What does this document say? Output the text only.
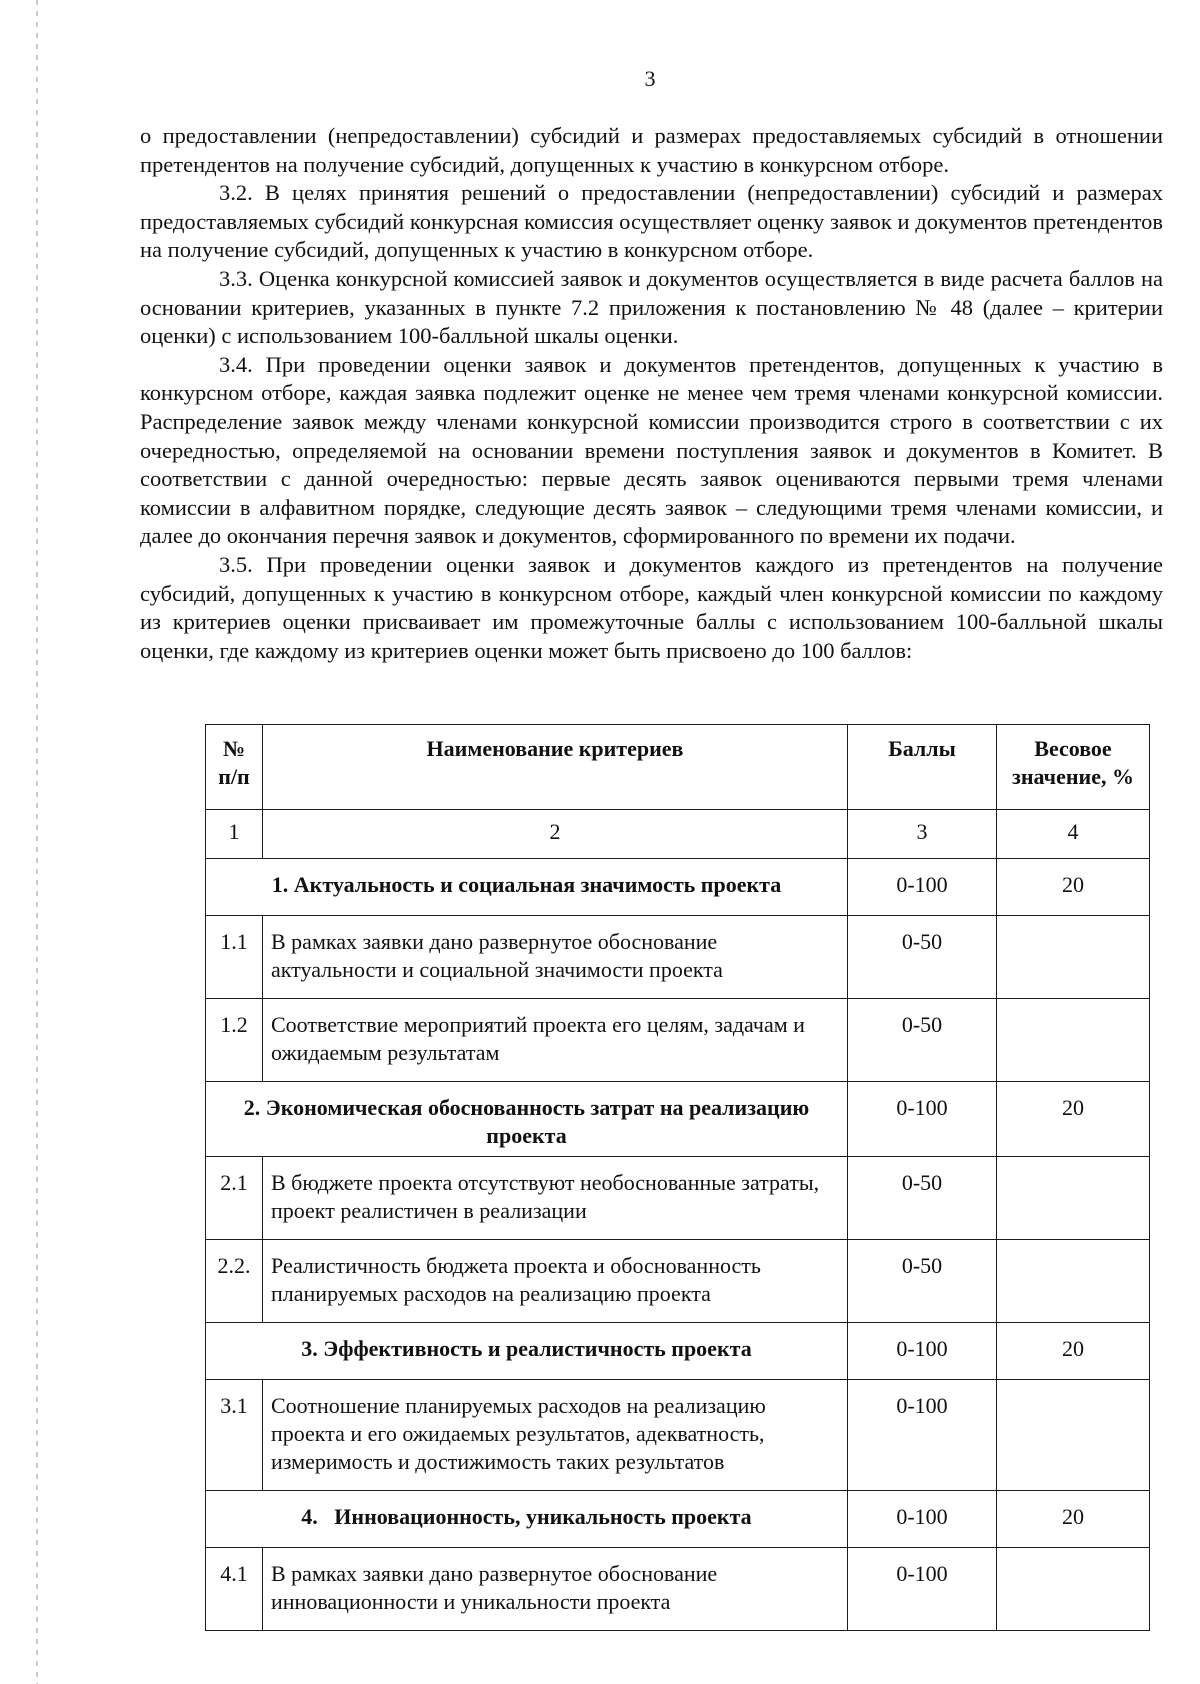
3

о предоставлении (непредоставлении) субсидий и размерах предоставляемых субсидий в отношении претендентов на получение субсидий, допущенных к участию в конкурсном отборе.

3.2. В целях принятия решений о предоставлении (непредоставлении) субсидий и размерах предоставляемых субсидий конкурсная комиссия осуществляет оценку заявок и документов претендентов на получение субсидий, допущенных к участию в конкурсном отборе.

3.3. Оценка конкурсной комиссией заявок и документов осуществляется в виде расчета баллов на основании критериев, указанных в пункте 7.2 приложения к постановлению № 48 (далее – критерии оценки) с использованием 100-балльной шкалы оценки.

3.4. При проведении оценки заявок и документов претендентов, допущенных к участию в конкурсном отборе, каждая заявка подлежит оценке не менее чем тремя членами конкурсной комиссии. Распределение заявок между членами конкурсной комиссии производится строго в соответствии с их очередностью, определяемой на основании времени поступления заявок и документов в Комитет. В соответствии с данной очередностью: первые десять заявок оцениваются первыми тремя членами комиссии в алфавитном порядке, следующие десять заявок – следующими тремя членами комиссии, и далее до окончания перечня заявок и документов, сформированного по времени их подачи.

3.5. При проведении оценки заявок и документов каждого из претендентов на получение субсидий, допущенных к участию в конкурсном отборе, каждый член конкурсной комиссии по каждому из критериев оценки присваивает им промежуточные баллы с использованием 100-балльной шкалы оценки, где каждому из критериев оценки может быть присвоено до 100 баллов:

№ п/п	Наименование критериев	Баллы	Весовое значение, %
1	2	3	4
1. Актуальность и социальная значимость проекта		0-100	20
1.1	В рамках заявки дано развернутое обоснование актуальности и социальной значимости проекта	0-50	
1.2	Соответствие мероприятий проекта его целям, задачам и ожидаемым результатам	0-50	
2. Экономическая обоснованность затрат на реализацию проекта		0-100	20
2.1	В бюджете проекта отсутствуют необоснованные затраты, проект реалистичен в реализации	0-50	
2.2.	Реалистичность бюджета проекта и обоснованность планируемых расходов на реализацию проекта	0-50	
3. Эффективность и реалистичность проекта		0-100	20
3.1	Соотношение планируемых расходов на реализацию проекта и его ожидаемых результатов, адекватность, измеримость и достижимость таких результатов	0-100	
4.   Инновационность, уникальность проекта		0-100	20
4.1	В рамках заявки дано развернутое обоснование инновационности и уникальности проекта	0-100	
